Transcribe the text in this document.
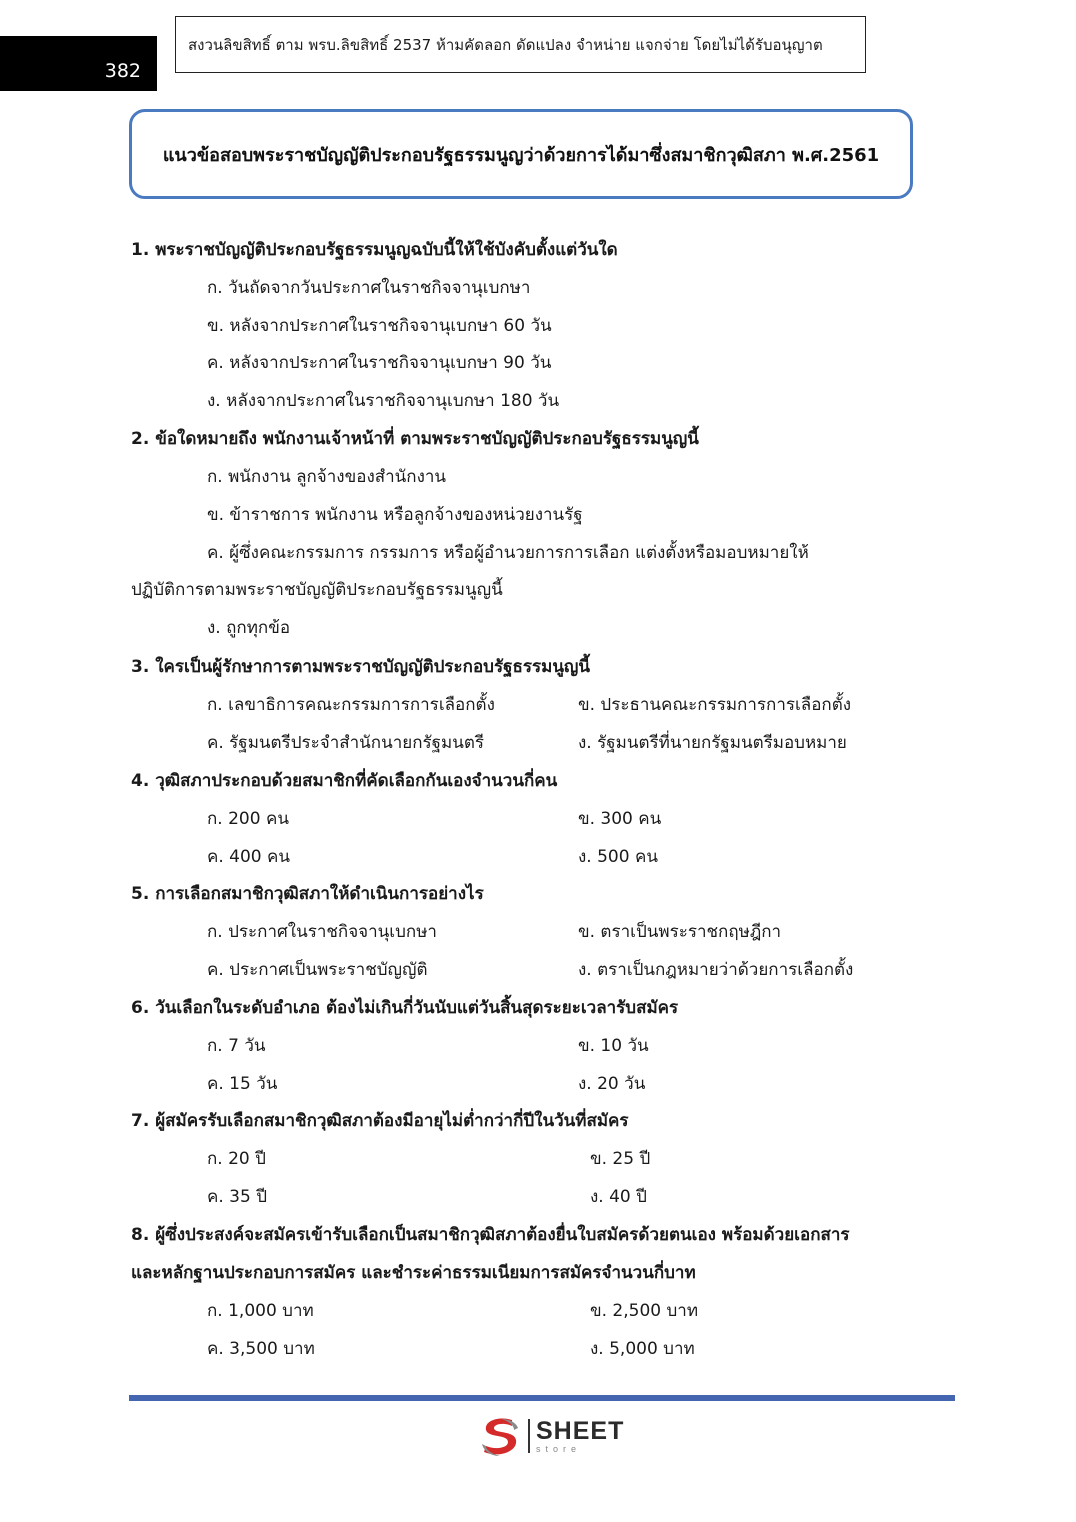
382
สงวนลิขสิทธิ์ ตาม พรบ.ลิขสิทธิ์ 2537 ห้ามคัดลอก ดัดแปลง จำหน่าย แจกจ่าย โดยไม่ได้รับอนุญาต
แนวข้อสอบพระราชบัญญัติประกอบรัฐธรรมนูญว่าด้วยการได้มาซึ่งสมาชิกวุฒิสภา พ.ศ.2561
1. พระราชบัญญัติประกอบรัฐธรรมนูญฉบับนี้ให้ใช้บังคับตั้งแต่วันใด
ก. วันถัดจากวันประกาศในราชกิจจานุเบกษา
ข. หลังจากประกาศในราชกิจจานุเบกษา 60 วัน
ค. หลังจากประกาศในราชกิจจานุเบกษา 90 วัน
ง. หลังจากประกาศในราชกิจจานุเบกษา 180 วัน
2. ข้อใดหมายถึง พนักงานเจ้าหน้าที่ ตามพระราชบัญญัติประกอบรัฐธรรมนูญนี้
ก. พนักงาน ลูกจ้างของสำนักงาน
ข. ข้าราชการ พนักงาน หรือลูกจ้างของหน่วยงานรัฐ
ค. ผู้ซึ่งคณะกรรมการ กรรมการ หรือผู้อำนวยการการเลือก แต่งตั้งหรือมอบหมายให้
ปฏิบัติการตามพระราชบัญญัติประกอบรัฐธรรมนูญนี้
ง. ถูกทุกข้อ
3. ใครเป็นผู้รักษาการตามพระราชบัญญัติประกอบรัฐธรรมนูญนี้
ก. เลขาธิการคณะกรรมการการเลือกตั้ง	ข. ประธานคณะกรรมการการเลือกตั้ง
ค. รัฐมนตรีประจำสำนักนายกรัฐมนตรี	ง. รัฐมนตรีที่นายกรัฐมนตรีมอบหมาย
4. วุฒิสภาประกอบด้วยสมาชิกที่คัดเลือกกันเองจำนวนกี่คน
ก. 200 คน	ข. 300 คน
ค. 400 คน	ง. 500 คน
5. การเลือกสมาชิกวุฒิสภาให้ดำเนินการอย่างไร
ก. ประกาศในราชกิจจานุเบกษา	ข. ตราเป็นพระราชกฤษฎีกา
ค. ประกาศเป็นพระราชบัญญัติ	ง. ตราเป็นกฎหมายว่าด้วยการเลือกตั้ง
6. วันเลือกในระดับอำเภอ ต้องไม่เกินกี่วันนับแต่วันสิ้นสุดระยะเวลารับสมัคร
ก. 7 วัน	ข. 10 วัน
ค. 15 วัน	ง. 20 วัน
7. ผู้สมัครรับเลือกสมาชิกวุฒิสภาต้องมีอายุไม่ต่ำกว่ากี่ปีในวันที่สมัคร
ก. 20 ปี	ข. 25 ปี
ค. 35 ปี	ง. 40 ปี
8. ผู้ซึ่งประสงค์จะสมัครเข้ารับเลือกเป็นสมาชิกวุฒิสภาต้องยื่นใบสมัครด้วยตนเอง พร้อมด้วยเอกสาร
และหลักฐานประกอบการสมัคร และชำระค่าธรรมเนียมการสมัครจำนวนกี่บาท
ก. 1,000 บาท	ข. 2,500 บาท
ค. 3,500 บาท	ง. 5,000 บาท
SHEET
store
